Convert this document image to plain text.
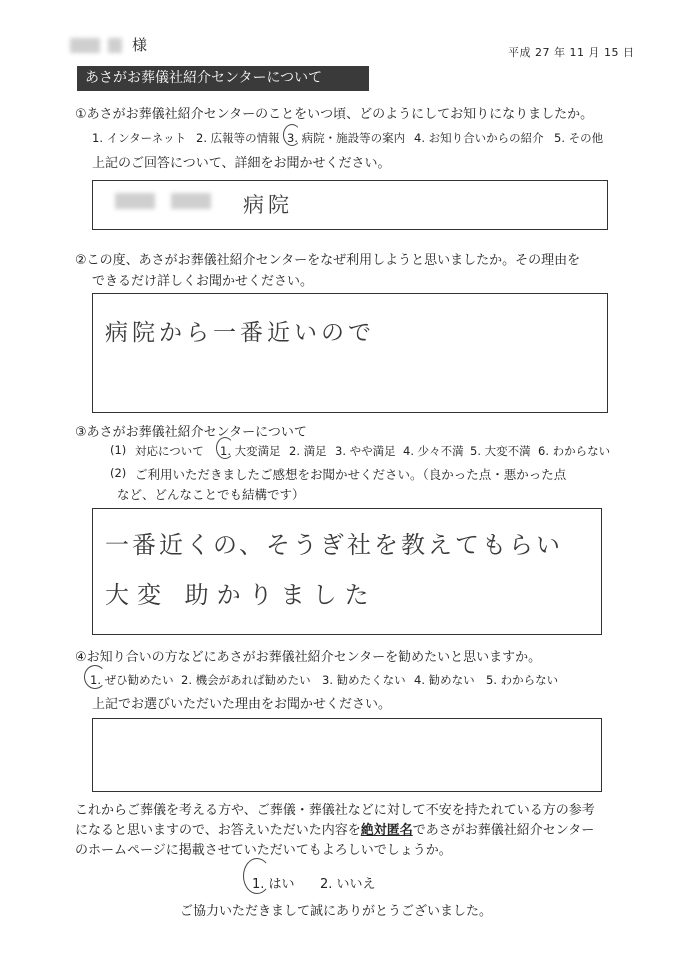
様	平成 27 年 11 月 15 日
あさがお葬儀社紹介センターについて
①あさがお葬儀社紹介センターのことをいつ頃、どのようにしてお知りになりましたか。
1. インターネット 2. 広報等の情報 3. 病院・施設等の案内 4. お知り合いからの紹介 5. その他
上記のご回答について、詳細をお聞かせください。
病院
②この度、あさがお葬儀社紹介センターをなぜ利用しようと思いましたか。その理由を
できるだけ詳しくお聞かせください。
病院から一番近いので
③あさがお葬儀社紹介センターについて
(1) 対応について 1. 大変満足 2. 満足 3. やや満足 4. 少々不満 5. 大変不満 6. わからない
(2) ご利用いただきましたご感想をお聞かせください。（良かった点・悪かった点
など、どんなことでも結構です）
一番近くの、そうぎ社を教えてもらい
大変 助かりました
④お知り合いの方などにあさがお葬儀社紹介センターを勧めたいと思いますか。
1. ぜひ勧めたい 2. 機会があれば勧めたい 3. 勧めたくない 4. 勧めない 5. わからない
上記でお選びいただいた理由をお聞かせください。
これからご葬儀を考える方や、ご葬儀・葬儀社などに対して不安を持たれている方の参考
になると思いますので、お答えいただいた内容を絶対匿名であさがお葬儀社紹介センター
のホームページに掲載させていただいてもよろしいでしょうか。
1. はい 2. いいえ
ご協力いただきまして誠にありがとうございました。
